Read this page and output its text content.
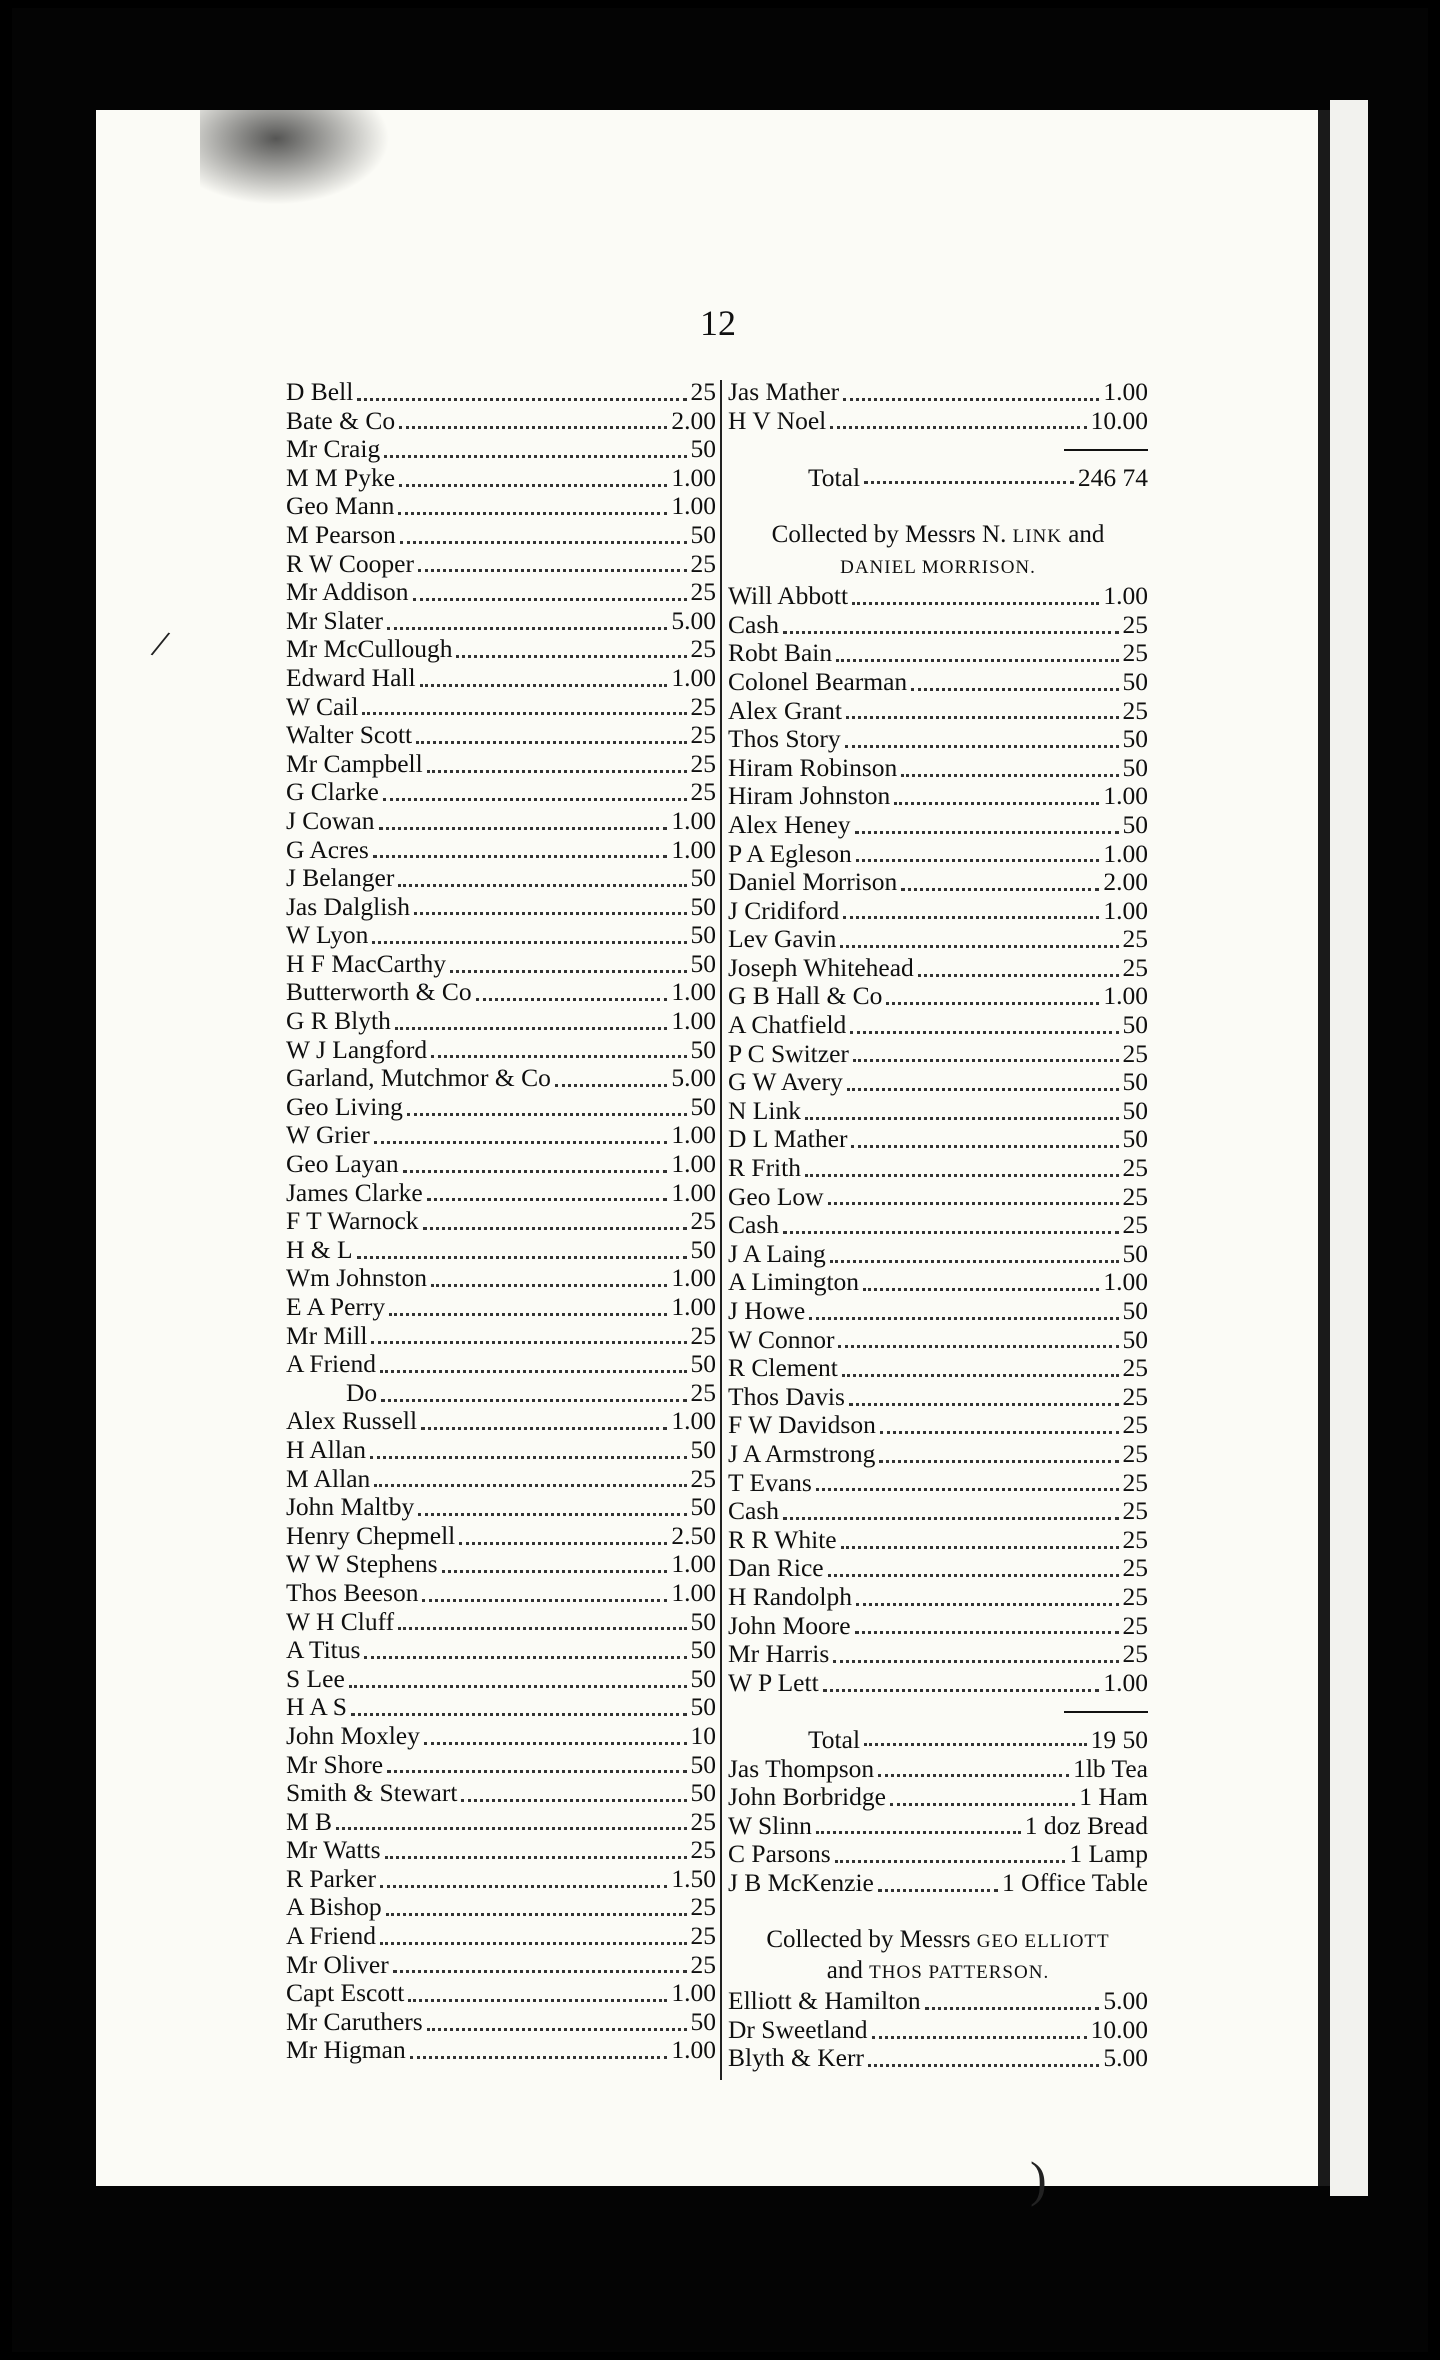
/
)
12
D Bell	25
Bate & Co	2.00
Mr Craig	50
M M Pyke	1.00
Geo Mann	1.00
M Pearson	50
R W Cooper	25
Mr Addison	25
Mr Slater	5.00
Mr McCullough	25
Edward Hall	1.00
W Cail	25
Walter Scott	25
Mr Campbell	25
G Clarke	25
J Cowan	1.00
G Acres	1.00
J Belanger	50
Jas Dalglish	50
W Lyon	50
H F MacCarthy	50
Butterworth & Co	1.00
G R Blyth	1.00
W J Langford	50
Garland, Mutchmor & Co	5.00
Geo Living	50
W Grier	1.00
Geo Layan	1.00
James Clarke	1.00
F T Warnock	25
H & L	50
Wm Johnston	1.00
E A Perry	1.00
Mr Mill	25
A Friend	50
Do	25
Alex Russell	1.00
H Allan	50
M Allan	25
John Maltby	50
Henry Chepmell	2.50
W W Stephens	1.00
Thos Beeson	1.00
W H Cluff	50
A Titus	50
S Lee	50
H A S	50
John Moxley	10
Mr Shore	50
Smith & Stewart	50
M B	25
Mr Watts	25
R Parker	1.50
A Bishop	25
A Friend	25
Mr Oliver	25
Capt Escott	1.00
Mr Caruthers	50
Mr Higman	1.00
Jas Mather	1.00
H V Noel	10.00
Total	246 74
Collected by Messrs N. LINK and
DANIEL MORRISON.
Will Abbott	1.00
Cash	25
Robt Bain	25
Colonel Bearman	50
Alex Grant	25
Thos Story	50
Hiram Robinson	50
Hiram Johnston	1.00
Alex Heney	50
P A Egleson	1.00
Daniel Morrison	2.00
J Cridiford	1.00
Lev Gavin	25
Joseph Whitehead	25
G B Hall & Co	1.00
A Chatfield	50
P C Switzer	25
G W Avery	50
N Link	50
D L Mather	50
R Frith	25
Geo Low	25
Cash	25
J A Laing	50
A Limington	1.00
J Howe	50
W Connor	50
R Clement	25
Thos Davis	25
F W Davidson	25
J A Armstrong	25
T Evans	25
Cash	25
R R White	25
Dan Rice	25
H Randolph	25
John Moore	25
Mr Harris	25
W P Lett	1.00
Total	19 50
Jas Thompson	1lb Tea
John Borbridge	1 Ham
W Slinn	1 doz Bread
C Parsons	1 Lamp
J B McKenzie	1 Office Table
Collected by Messrs GEO ELLIOTT
and THOS PATTERSON.
Elliott & Hamilton	5.00
Dr Sweetland	10.00
Blyth & Kerr	5.00
